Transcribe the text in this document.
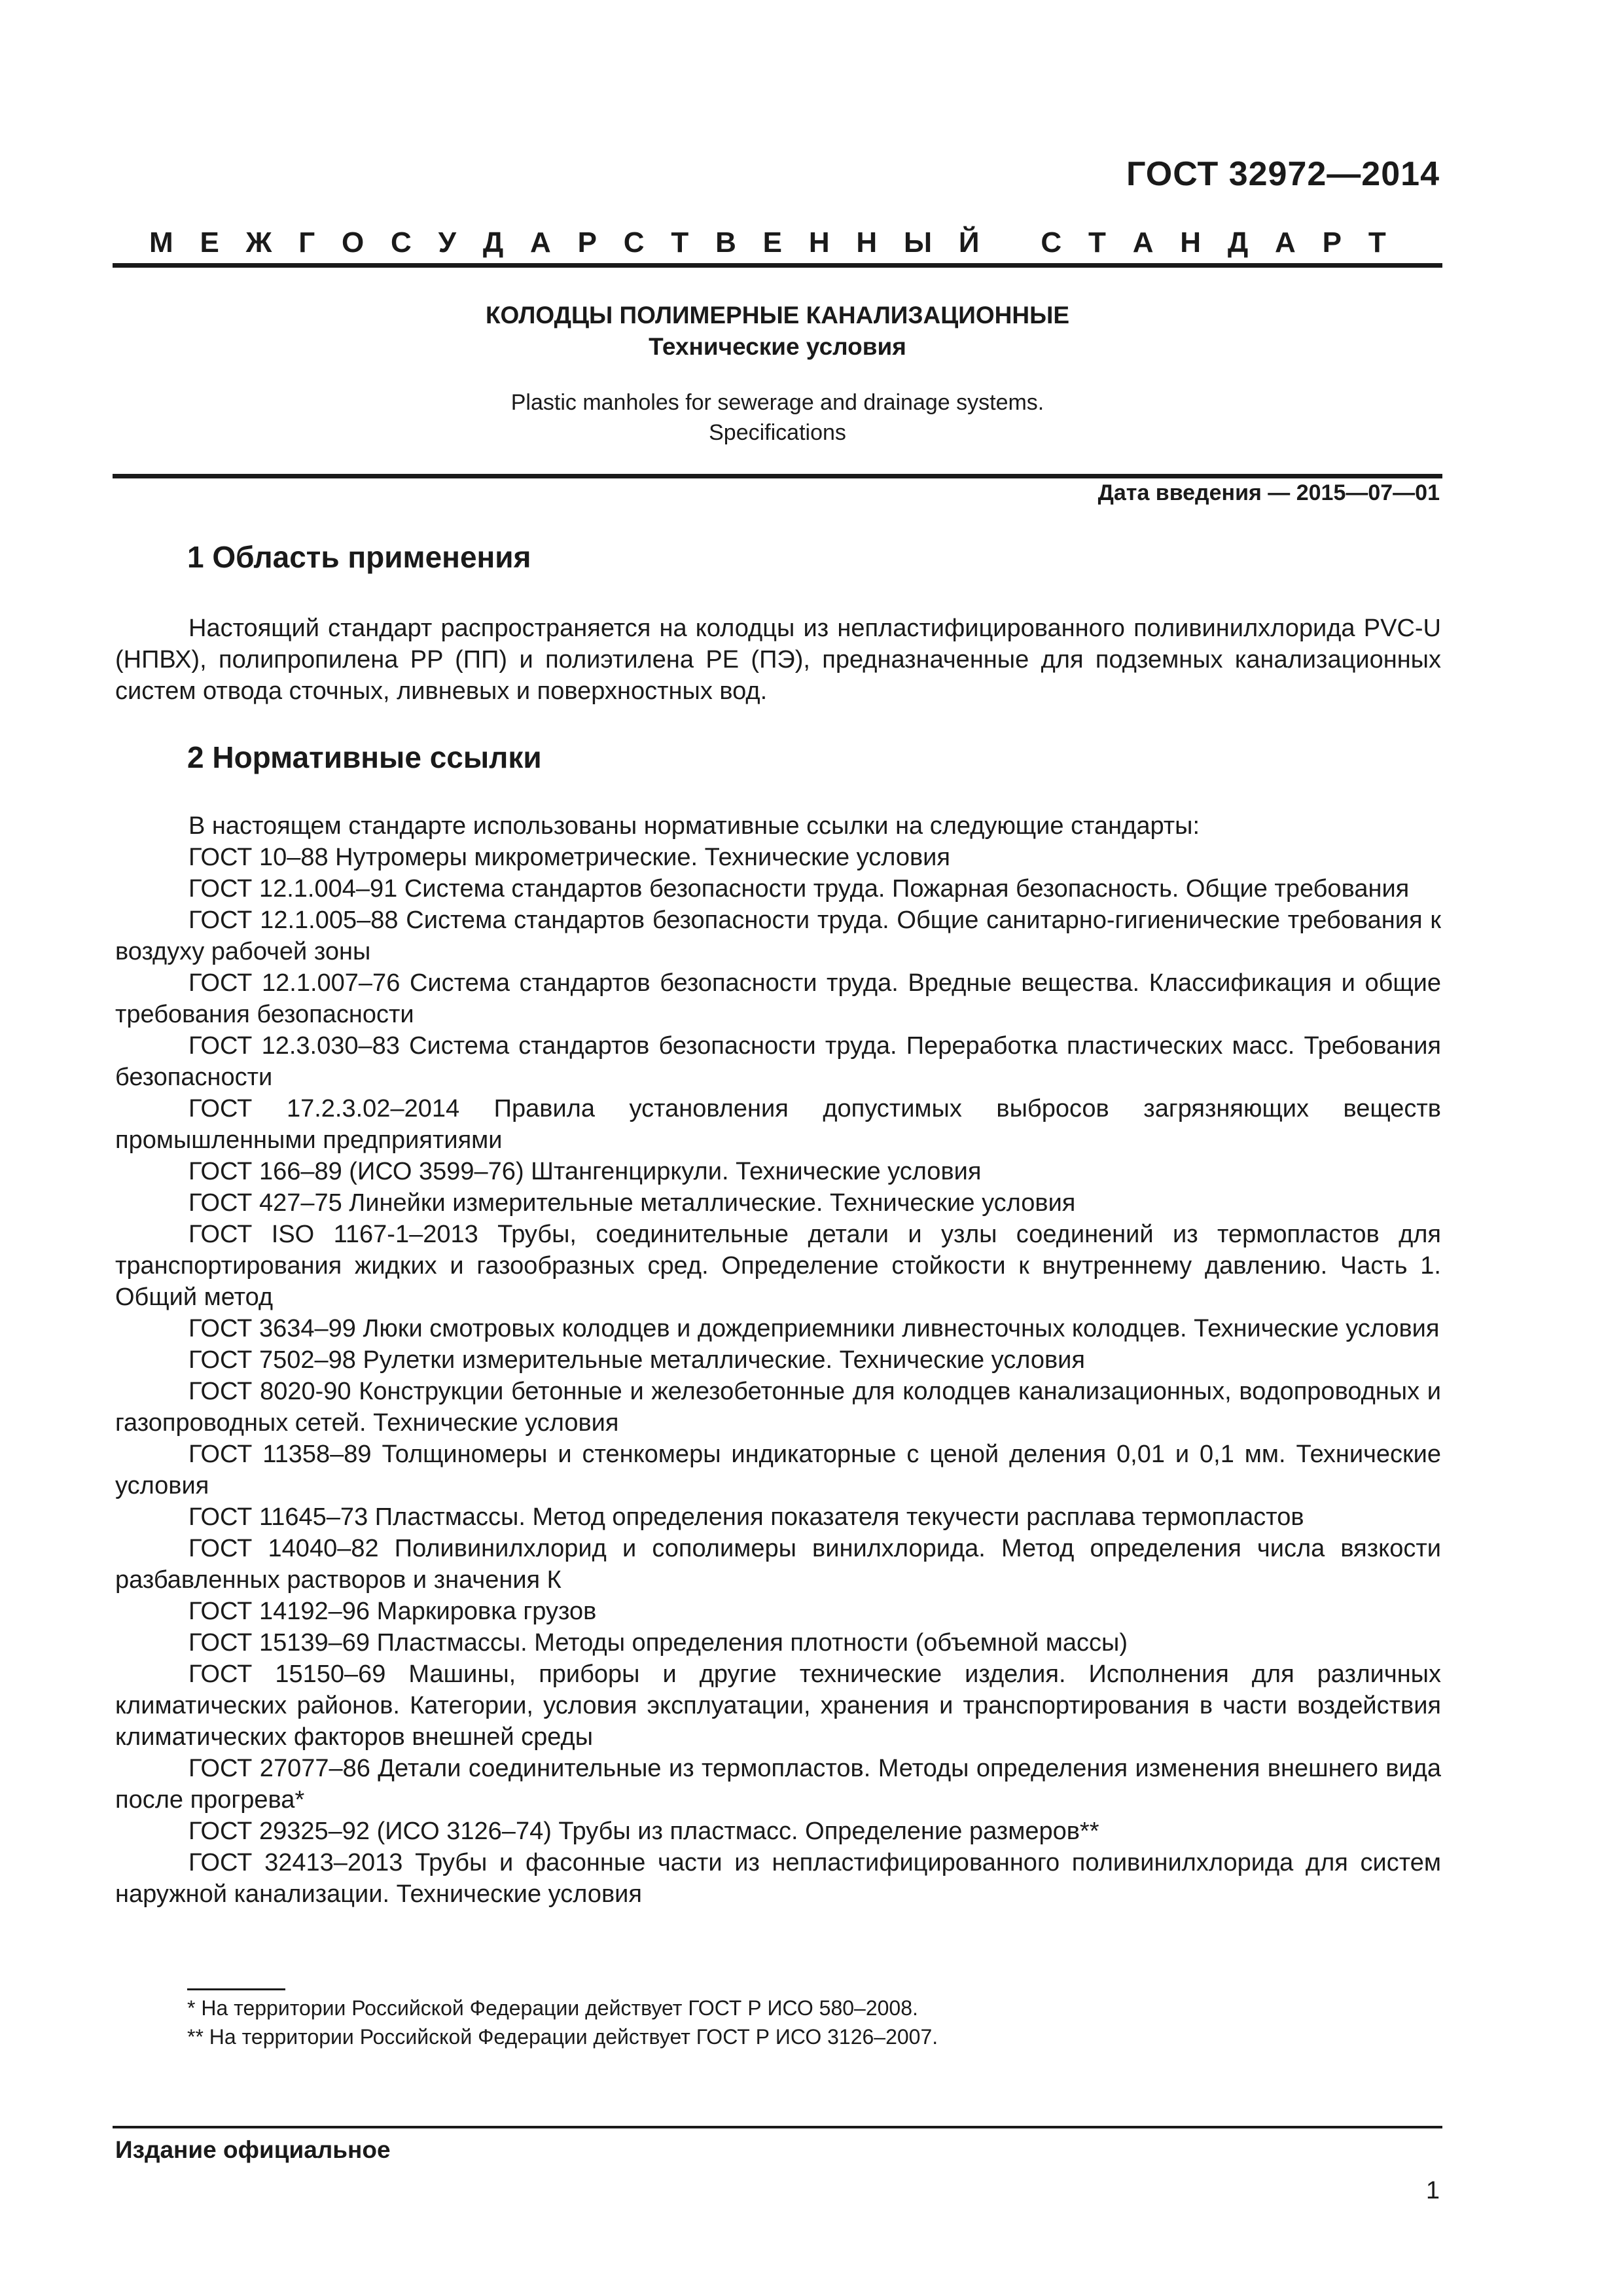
ГОСТ 32972—2014
М Е Ж Г О С У Д А Р С Т В Е Н Н Ы Й
С Т А Н Д А Р Т
КОЛОДЦЫ ПОЛИМЕРНЫЕ КАНАЛИЗАЦИОННЫЕ
Технические условия
Plastic manholes for sewerage and drainage systems.
Specifications
Дата введения — 2015—07—01
1 Область применения

Настоящий стандарт распространяется на колодцы из непластифицированного поливинилхлорида PVC-U (НПВХ), полипропилена PP (ПП) и полиэтилена PE (ПЭ), предназначенные для подземных канализационных систем отвода сточных, ливневых и поверхностных вод.

2 Нормативные ссылки

В настоящем стандарте использованы нормативные ссылки на следующие стандарты:

ГОСТ 10–88 Нутромеры микрометрические. Технические условия

ГОСТ 12.1.004–91 Система стандартов безопасности труда. Пожарная безопасность. Общие требования

ГОСТ 12.1.005–88 Система стандартов безопасности труда. Общие санитарно-гигиенические требования к воздуху рабочей зоны

ГОСТ 12.1.007–76 Система стандартов безопасности труда. Вредные вещества. Классификация и общие требования безопасности

ГОСТ 12.3.030–83 Система стандартов безопасности труда. Переработка пластических масс. Требования безопасности

ГОСТ 17.2.3.02–2014 Правила установления допустимых выбросов загрязняющих веществ промышленными предприятиями

ГОСТ 166–89 (ИСО 3599–76) Штангенциркули. Технические условия

ГОСТ 427–75 Линейки измерительные металлические. Технические условия

ГОСТ ISO 1167-1–2013 Трубы, соединительные детали и узлы соединений из термопластов для транспортирования жидких и газообразных сред. Определение стойкости к внутреннему давлению. Часть 1. Общий метод

ГОСТ 3634–99 Люки смотровых колодцев и дождеприемники ливнесточных колодцев. Технические условия

ГОСТ 7502–98 Рулетки измерительные металлические. Технические условия

ГОСТ 8020-90 Конструкции бетонные и железобетонные для колодцев канализационных, водопроводных и газопроводных сетей. Технические условия

ГОСТ 11358–89 Толщиномеры и стенкомеры индикаторные с ценой деления 0,01 и 0,1 мм. Технические условия

ГОСТ 11645–73 Пластмассы. Метод определения показателя текучести расплава термопластов

ГОСТ 14040–82 Поливинилхлорид и сополимеры винилхлорида. Метод определения числа вязкости разбавленных растворов и значения К

ГОСТ 14192–96 Маркировка грузов

ГОСТ 15139–69 Пластмассы. Методы определения плотности (объемной массы)

ГОСТ 15150–69 Машины, приборы и другие технические изделия. Исполнения для различных климатических районов. Категории, условия эксплуатации, хранения и транспортирования в части воздействия климатических факторов внешней среды

ГОСТ 27077–86 Детали соединительные из термопластов. Методы определения изменения внешнего вида после прогрева*

ГОСТ 29325–92 (ИСО 3126–74) Трубы из пластмасс. Определение размеров**

ГОСТ 32413–2013 Трубы и фасонные части из непластифицированного поливинилхлорида для систем наружной канализации. Технические условия

* На территории Российской Федерации действует ГОСТ Р ИСО 580–2008.

** На территории Российской Федерации действует ГОСТ Р ИСО 3126–2007.

Издание официальное
1
